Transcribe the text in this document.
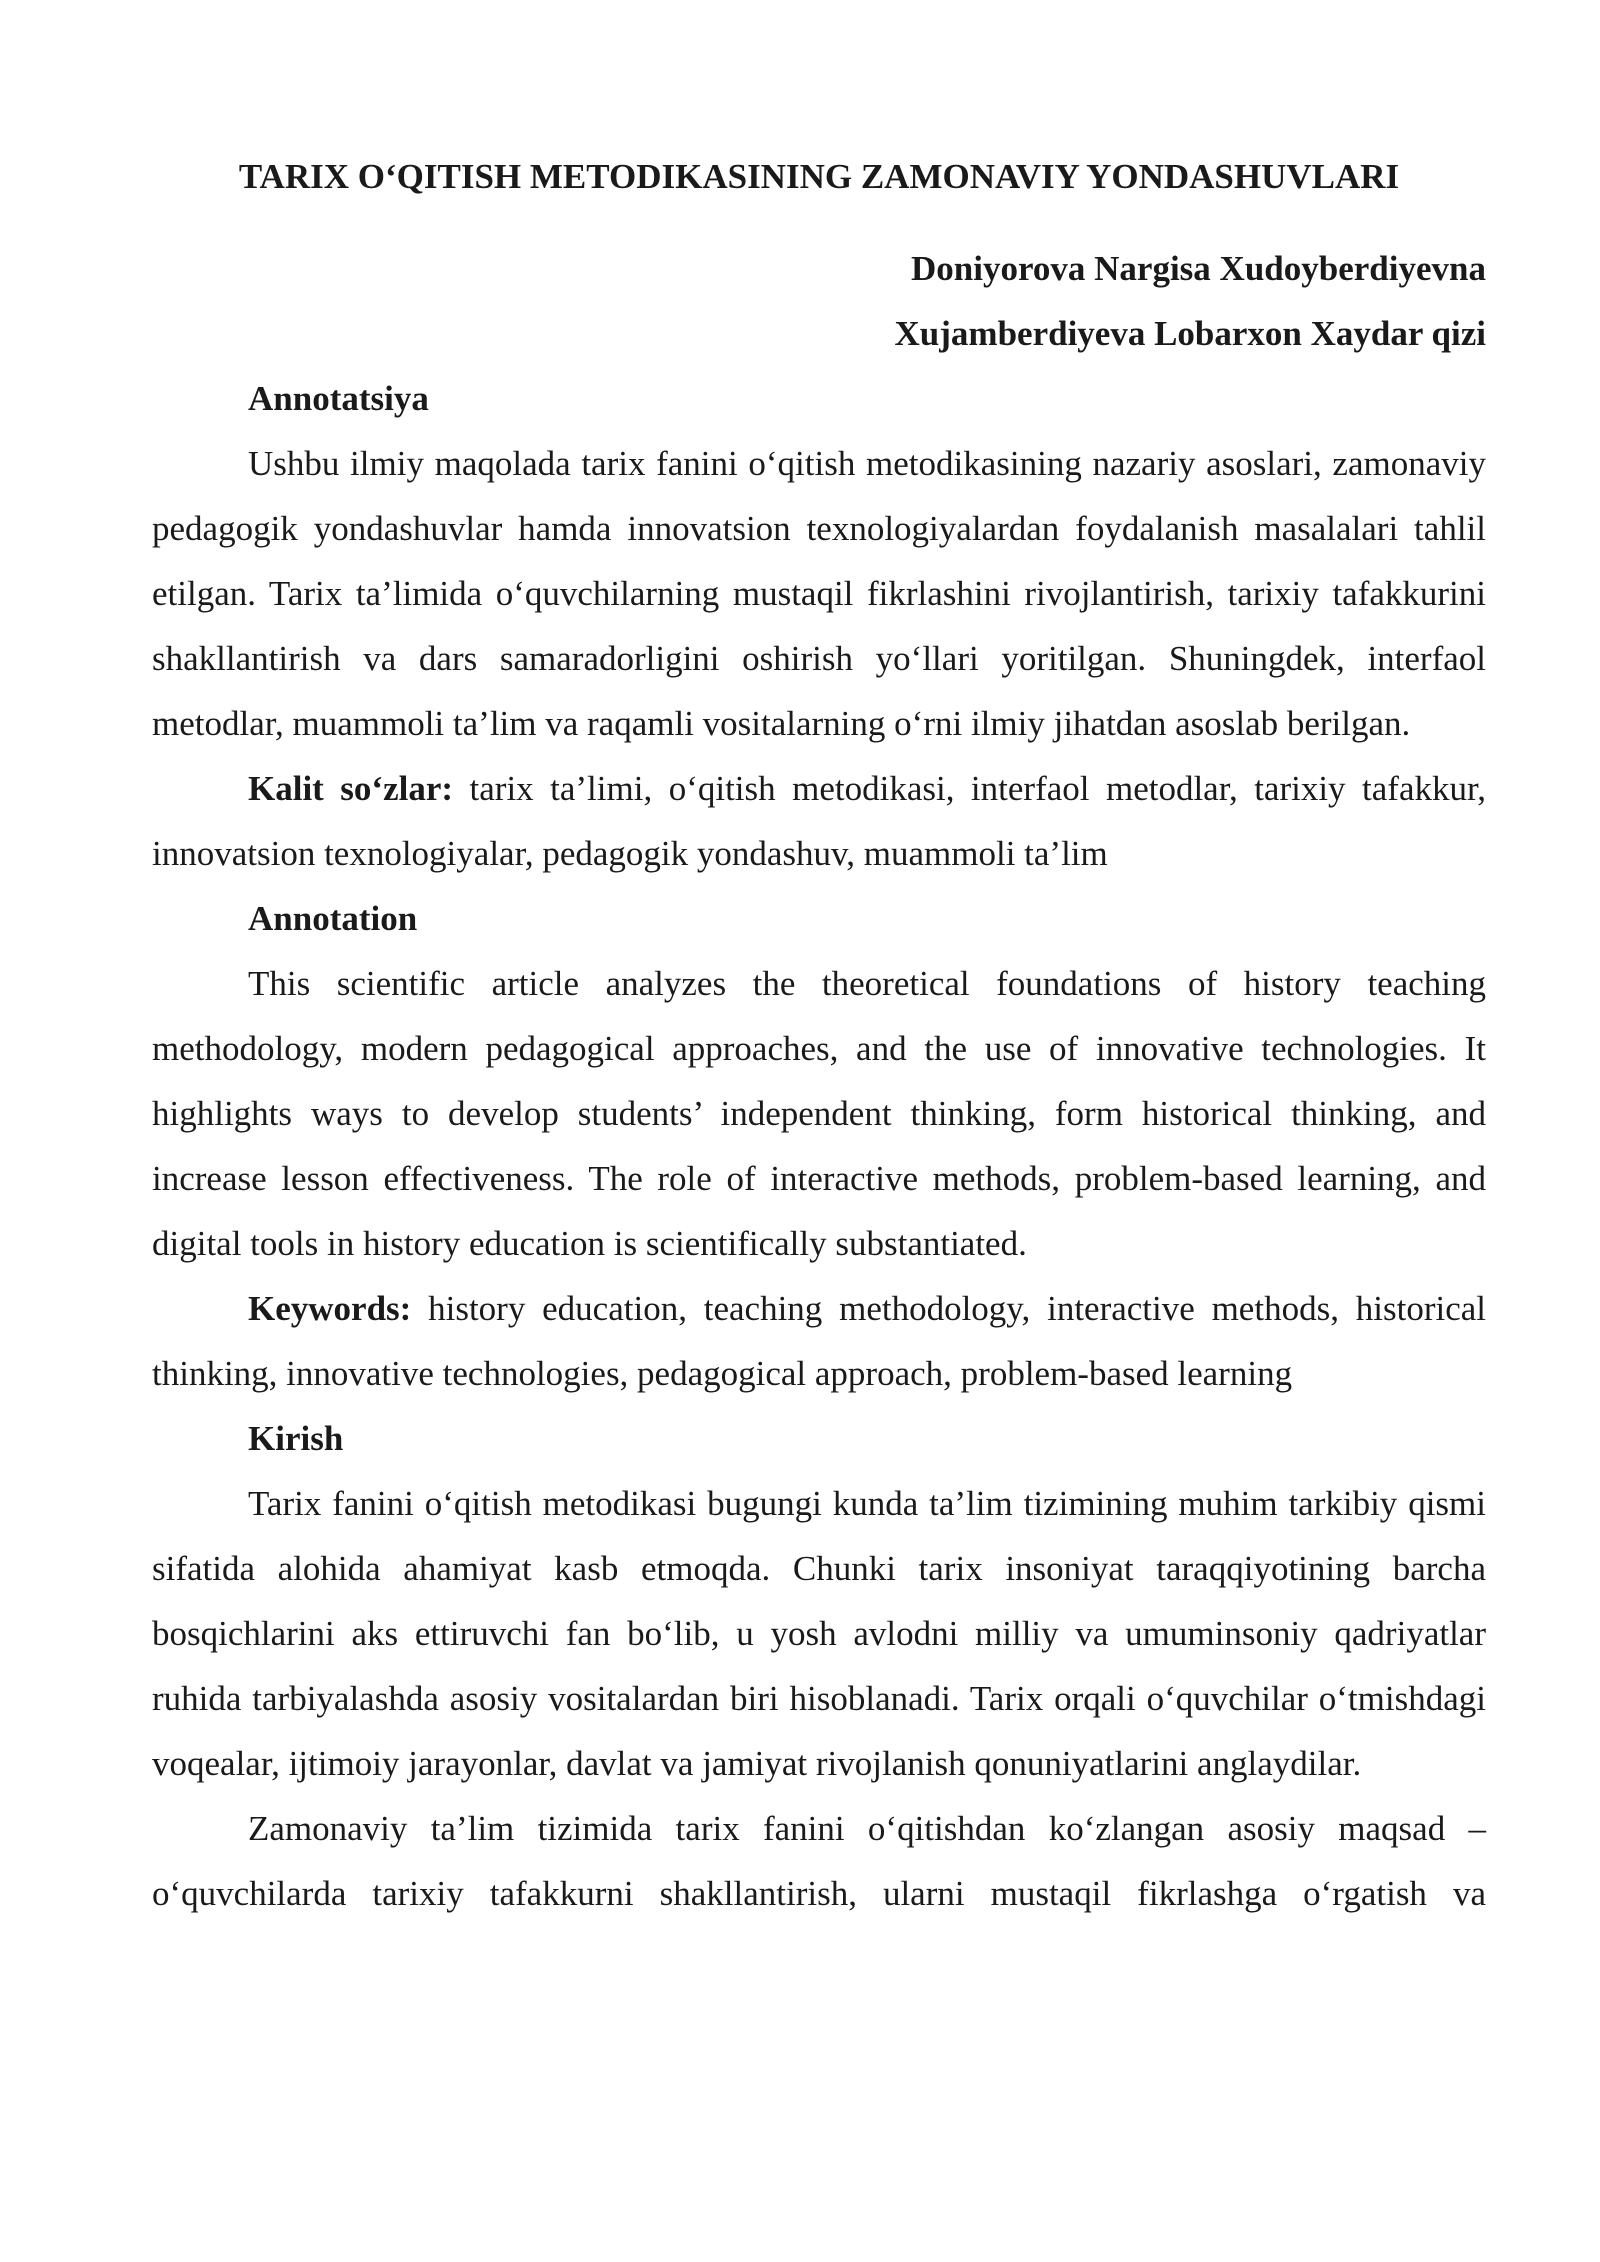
TARIX O‘QITISH METODIKASINING ZAMONAVIY YONDASHUVLARI

Doniyorova Nargisa Xudoyberdiyevna

Xujamberdiyeva Lobarxon Xaydar qizi

Annotatsiya

Ushbu ilmiy maqolada tarix fanini o‘qitish metodikasining nazariy asoslari, zamonaviy pedagogik yondashuvlar hamda innovatsion texnologiyalardan foydalanish masalalari tahlil etilgan. Tarix ta’limida o‘quvchilarning mustaqil fikrlashini rivojlantirish, tarixiy tafakkurini shakllantirish va dars samaradorligini oshirish yo‘llari yoritilgan. Shuningdek, interfaol metodlar, muammoli ta’lim va raqamli vositalarning o‘rni ilmiy jihatdan asoslab berilgan.

Kalit so‘zlar: tarix ta’limi, o‘qitish metodikasi, interfaol metodlar, tarixiy tafakkur, innovatsion texnologiyalar, pedagogik yondashuv, muammoli ta’lim

Annotation

This scientific article analyzes the theoretical foundations of history teaching methodology, modern pedagogical approaches, and the use of innovative technologies. It highlights ways to develop students’ independent thinking, form historical thinking, and increase lesson effectiveness. The role of interactive methods, problem-based learning, and digital tools in history education is scientifically substantiated.

Keywords: history education, teaching methodology, interactive methods, historical thinking, innovative technologies, pedagogical approach, problem-based learning

Kirish

Tarix fanini o‘qitish metodikasi bugungi kunda ta’lim tizimining muhim tarkibiy qismi sifatida alohida ahamiyat kasb etmoqda. Chunki tarix insoniyat taraqqiyotining barcha bosqichlarini aks ettiruvchi fan bo‘lib, u yosh avlodni milliy va umuminsoniy qadriyatlar ruhida tarbiyalashda asosiy vositalardan biri hisoblanadi. Tarix orqali o‘quvchilar o‘tmishdagi voqealar, ijtimoiy jarayonlar, davlat va jamiyat rivojlanish qonuniyatlarini anglaydilar.

Zamonaviy ta’lim tizimida tarix fanini o‘qitishdan ko‘zlangan asosiy maqsad – o‘quvchilarda tarixiy tafakkurni shakllantirish, ularni mustaqil fikrlashga o‘rgatish va
